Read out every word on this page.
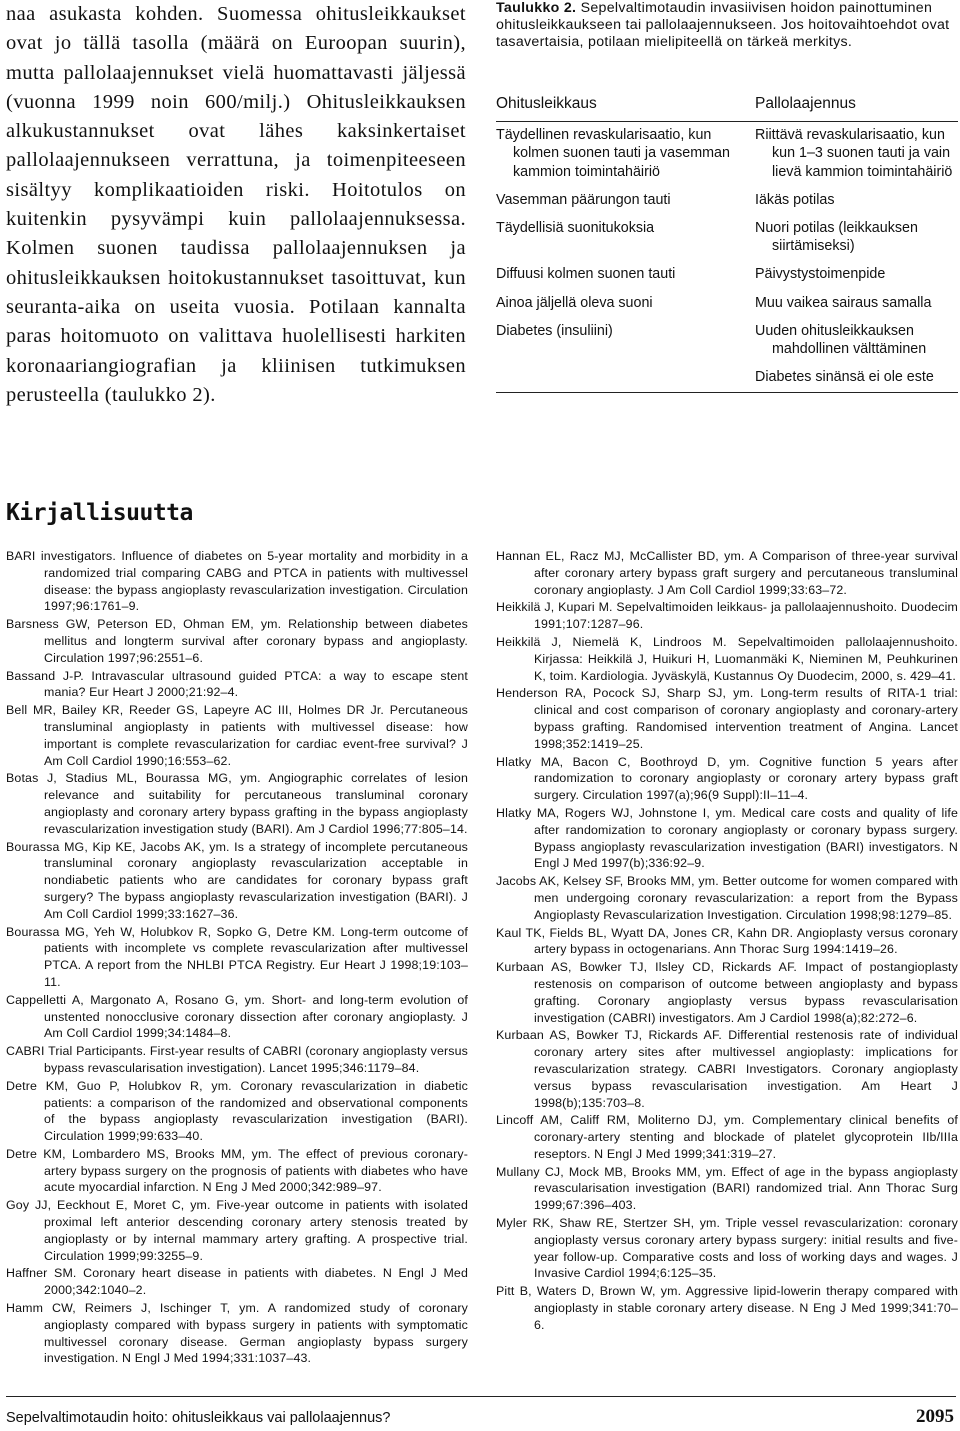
naa asukasta kohden. Suomessa ohitusleikkaukset ovat jo tällä tasolla (määrä on Euroopan suurin), mutta pallolaajennukset vielä huomattavasti jäljessä (vuonna 1999 noin 600/milj.) Ohitusleikkauksen alkukustannukset ovat lähes kaksinkertaiset pallolaajennukseen verrattuna, ja toimenpiteeseen sisältyy komplikaatioiden riski. Hoitotulos on kuitenkin pysyvämpi kuin pallolaajennuksessa. Kolmen suonen taudissa pallolaajennuksen ja ohitusleikkauksen hoitokustannukset tasoittuvat, kun seuranta-aika on useita vuosia. Potilaan kannalta paras hoitomuoto on valittava huolellisesti harkiten koronaariangiografian ja kliinisen tutkimuksen perusteella (taulukko 2).

Taulukko 2. Sepelvaltimotaudin invasiivisen hoidon painottuminen ohitusleikkaukseen tai pallolaajennukseen. Jos hoitovaihtoehdot ovat tasavertaisia, potilaan mielipiteellä on tärkeä merkitys.
Ohitusleikkaus	Pallolaajennus
Täydellinen revaskularisaatio, kun kolmen suonen tauti ja vasemman kammion toimintahäiriö	Riittävä revaskularisaatio, kun kun 1–3 suonen tauti ja vain lievä kammion toimintahäiriö
Vasemman päärungon tauti	Iäkäs potilas
Täydellisiä suonitukoksia	Nuori potilas (leikkauksen siirtämiseksi)
Diffuusi kolmen suonen tauti	Päivystystoimenpide
Ainoa jäljellä oleva suoni	Muu vaikea sairaus samalla
Diabetes (insuliini)	Uuden ohitusleikkauksen mahdollinen välttäminen
	Diabetes sinänsä ei ole este
Kirjallisuutta

BARI investigators. Influence of diabetes on 5-year mortality and morbidity in a randomized trial comparing CABG and PTCA in patients with multivessel disease: the bypass angioplasty revascularization investigation. Circulation 1997;96:1761–9.

Barsness GW, Peterson ED, Ohman EM, ym. Relationship between diabetes mellitus and longterm survival after coronary bypass and angioplasty. Circulation 1997;96:2551–6.

Bassand J-P. Intravascular ultrasound guided PTCA: a way to escape stent mania? Eur Heart J 2000;21:92–4.

Bell MR, Bailey KR, Reeder GS, Lapeyre AC III, Holmes DR Jr. Percutaneous transluminal angioplasty in patients with multivessel disease: how important is complete revascularization for cardiac event-free survival? J Am Coll Cardiol 1990;16:553–62.

Botas J, Stadius ML, Bourassa MG, ym. Angiographic correlates of lesion relevance and suitability for percutaneous transluminal coronary angioplasty and coronary artery bypass grafting in the bypass angioplasty revascularization investigation study (BARI). Am J Cardiol 1996;77:805–14.

Bourassa MG, Kip KE, Jacobs AK, ym. Is a strategy of incomplete percutaneous transluminal coronary angioplasty revascularization acceptable in nondiabetic patients who are candidates for coronary bypass graft surgery? The bypass angioplasty revascularization investigation (BARI). J Am Coll Cardiol 1999;33:1627–36.

Bourassa MG, Yeh W, Holubkov R, Sopko G, Detre KM. Long-term outcome of patients with incomplete vs complete revascularization after multivessel PTCA. A report from the NHLBI PTCA Registry. Eur Heart J 1998;19:103–11.

Cappelletti A, Margonato A, Rosano G, ym. Short- and long-term evolution of unstented nonocclusive coronary dissection after coronary angioplasty. J Am Coll Cardiol 1999;34:1484–8.

CABRI Trial Participants. First-year results of CABRI (coronary angioplasty versus bypass revascularisation investigation). Lancet 1995;346:1179–84.

Detre KM, Guo P, Holubkov R, ym. Coronary revascularization in diabetic patients: a comparison of the randomized and observational components of the bypass angioplasty revascularization investigation (BARI). Circulation 1999;99:633–40.

Detre KM, Lombardero MS, Brooks MM, ym. The effect of previous coronary-artery bypass surgery on the prognosis of patients with diabetes who have acute myocardial infarction. N Eng J Med 2000;342:989–97.

Goy JJ, Eeckhout E, Moret C, ym. Five-year outcome in patients with isolated proximal left anterior descending coronary artery stenosis treated by angioplasty or by internal mammary artery grafting. A prospective trial. Circulation 1999;99:3255–9.

Haffner SM. Coronary heart disease in patients with diabetes. N Engl J Med 2000;342:1040–2.

Hamm CW, Reimers J, Ischinger T, ym. A randomized study of coronary angioplasty compared with bypass surgery in patients with symptomatic multivessel coronary disease. German angioplasty bypass surgery investigation. N Engl J Med 1994;331:1037–43.

Hannan EL, Racz MJ, McCallister BD, ym. A Comparison of three-year survival after coronary artery bypass graft surgery and percutaneous transluminal coronary angioplasty. J Am Coll Cardiol 1999;33:63–72.

Heikkilä J, Kupari M. Sepelvaltimoiden leikkaus- ja pallolaajennushoito. Duodecim 1991;107:1287–96.

Heikkilä J, Niemelä K, Lindroos M. Sepelvaltimoiden pallolaajennushoito. Kirjassa: Heikkilä J, Huikuri H, Luomanmäki K, Nieminen M, Peuhkurinen K, toim. Kardiologia. Jyväskylä, Kustannus Oy Duodecim, 2000, s. 429–41.

Henderson RA, Pocock SJ, Sharp SJ, ym. Long-term results of RITA-1 trial: clinical and cost comparison of coronary angioplasty and coronary-artery bypass grafting. Randomised intervention treatment of Angina. Lancet 1998;352:1419–25.

Hlatky MA, Bacon C, Boothroyd D, ym. Cognitive function 5 years after randomization to coronary angioplasty or coronary artery bypass graft surgery. Circulation 1997(a);96(9 Suppl):II–11–4.

Hlatky MA, Rogers WJ, Johnstone I, ym. Medical care costs and quality of life after randomization to coronary angioplasty or coronary bypass surgery. Bypass angioplasty revascularization investigation (BARI) investigators. N Engl J Med 1997(b);336:92–9.

Jacobs AK, Kelsey SF, Brooks MM, ym. Better outcome for women compared with men undergoing coronary revascularization: a report from the Bypass Angioplasty Revascularization Investigation. Circulation 1998;98:1279–85.

Kaul TK, Fields BL, Wyatt DA, Jones CR, Kahn DR. Angioplasty versus coronary artery bypass in octogenarians. Ann Thorac Surg 1994:1419–26.

Kurbaan AS, Bowker TJ, Ilsley CD, Rickards AF. Impact of postangioplasty restenosis on comparison of outcome between angioplasty and bypass grafting. Coronary angioplasty versus bypass revascularisation investigation (CABRI) investigators. Am J Cardiol 1998(a);82:272–6.

Kurbaan AS, Bowker TJ, Rickards AF. Differential restenosis rate of individual coronary artery sites after multivessel angioplasty: implications for revascularization strategy. CABRI Investigators. Coronary angioplasty versus bypass revascularisation investigation. Am Heart J 1998(b);135:703–8.

Lincoff AM, Califf RM, Moliterno DJ, ym. Complementary clinical benefits of coronary-artery stenting and blockade of platelet glycoprotein IIb/IIIa reseptors. N Engl J Med 1999;341:319–27.

Mullany CJ, Mock MB, Brooks MM, ym. Effect of age in the bypass angioplasty revascularisation investigation (BARI) randomized trial. Ann Thorac Surg 1999;67:396–403.

Myler RK, Shaw RE, Stertzer SH, ym. Triple vessel revascularization: coronary angioplasty versus coronary artery bypass surgery: initial results and five-year follow-up. Comparative costs and loss of working days and wages. J Invasive Cardiol 1994;6:125–35.

Pitt B, Waters D, Brown W, ym. Aggressive lipid-lowerin therapy compared with angioplasty in stable coronary artery disease. N Eng J Med 1999;341:70–6.

Sepelvaltimotaudin hoito: ohitusleikkaus vai pallolaajennus?	2095
